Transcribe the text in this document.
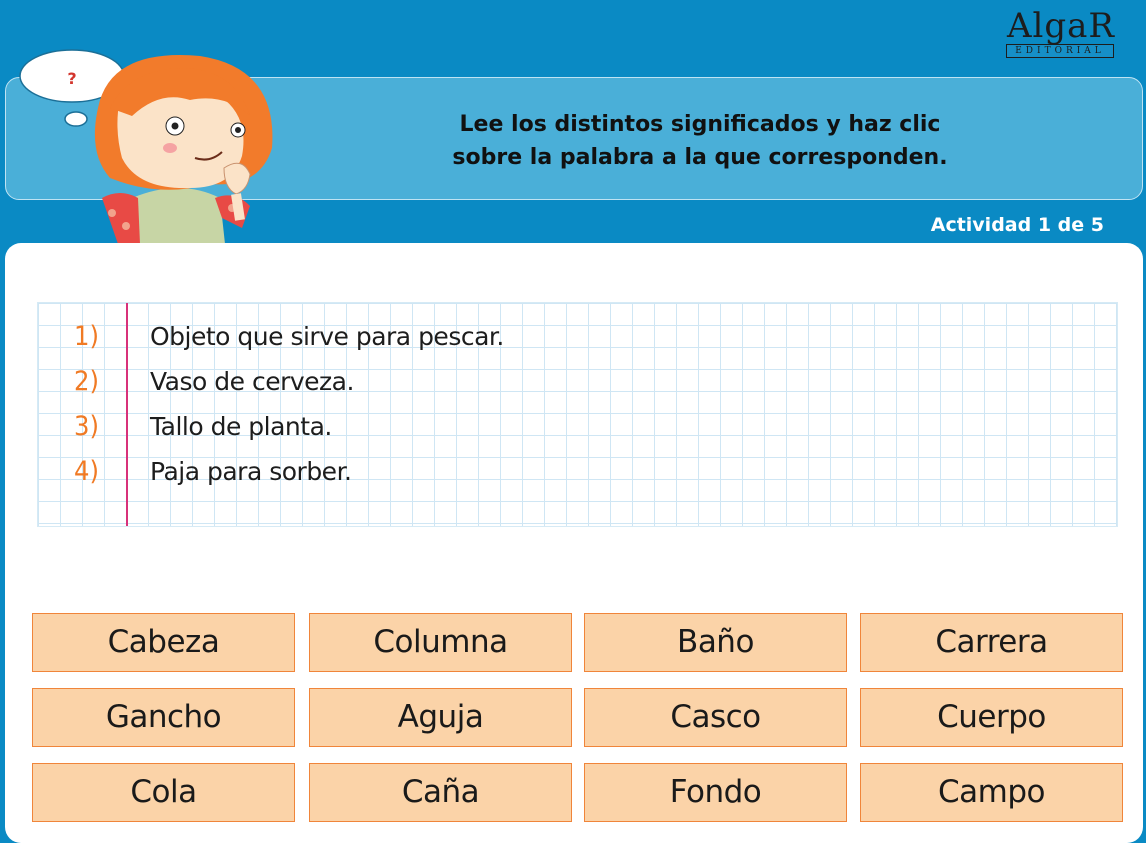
AlgaR
EDITORIAL
?
Lee los distintos significados y haz clic
sobre la palabra a la que corresponden.
Actividad 1 de 5
1)	Objeto que sirve para pescar.
2)	Vaso de cerveza.
3)	Tallo de planta.
4)	Paja para sorber.
Cabeza	Columna	Baño	Carrera
Gancho	Aguja	Casco	Cuerpo
Cola	Caña	Fondo	Campo
